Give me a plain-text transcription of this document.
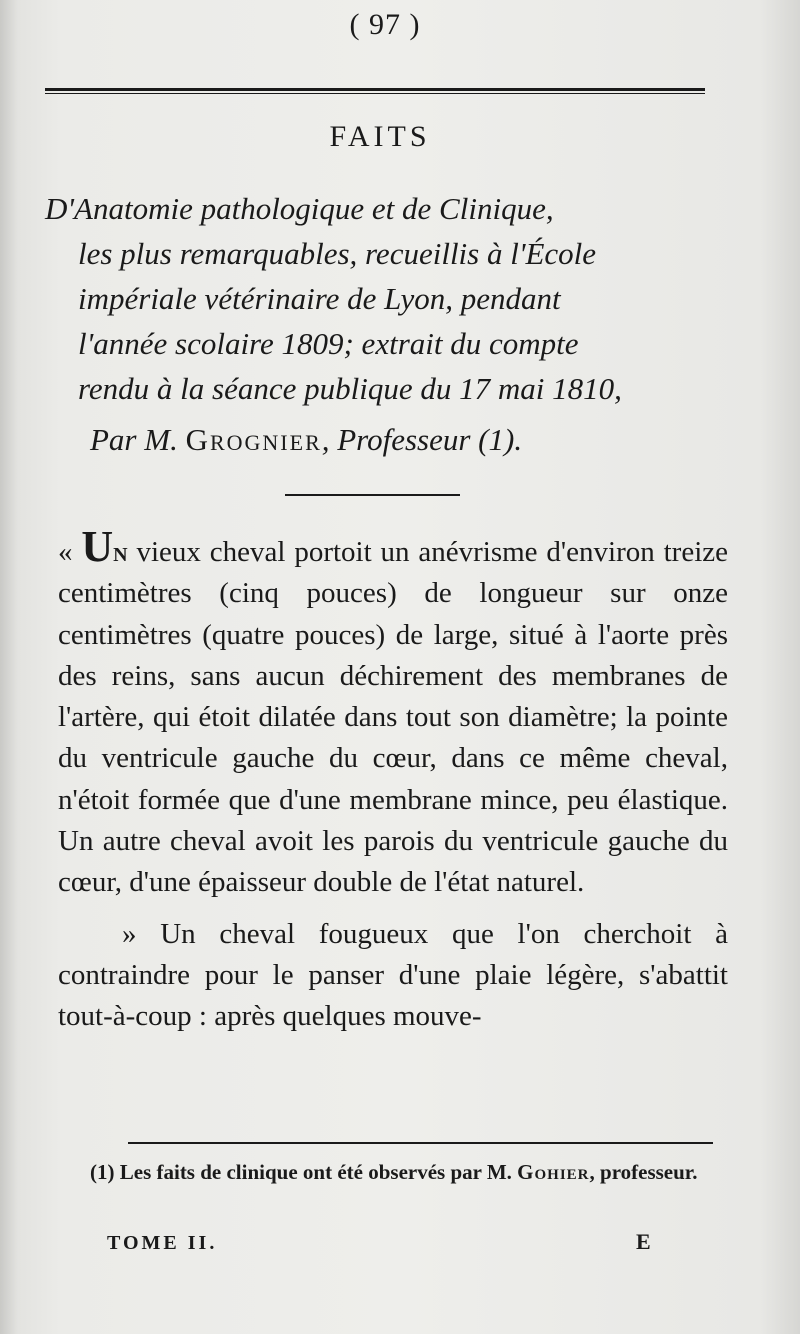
( 97 )
FAITS
D'Anatomie pathologique et de Clinique,
les plus remarquables, recueillis à l'École
impériale vétérinaire de Lyon, pendant
l'année scolaire 1809; extrait du compte
rendu à la séance publique du 17 mai 1810,
Par M. Grognier, Professeur (1).

« Un vieux cheval portoit un anévrisme d'environ treize centimètres (cinq pouces) de longueur sur onze centimètres (quatre pouces) de large, situé à l'aorte près des reins, sans aucun déchirement des membranes de l'artère, qui étoit dilatée dans tout son diamètre; la pointe du ventricule gauche du cœur, dans ce même cheval, n'étoit formée que d'une membrane mince, peu élastique. Un autre cheval avoit les parois du ventricule gauche du cœur, d'une épaisseur double de l'état naturel.

» Un cheval fougueux que l'on cherchoit à contraindre pour le panser d'une plaie légère, s'abattit tout-à-coup : après quelques mouve-

(1) Les faits de clinique ont été observés par M. Gohier, professeur.
TOME II.	E
